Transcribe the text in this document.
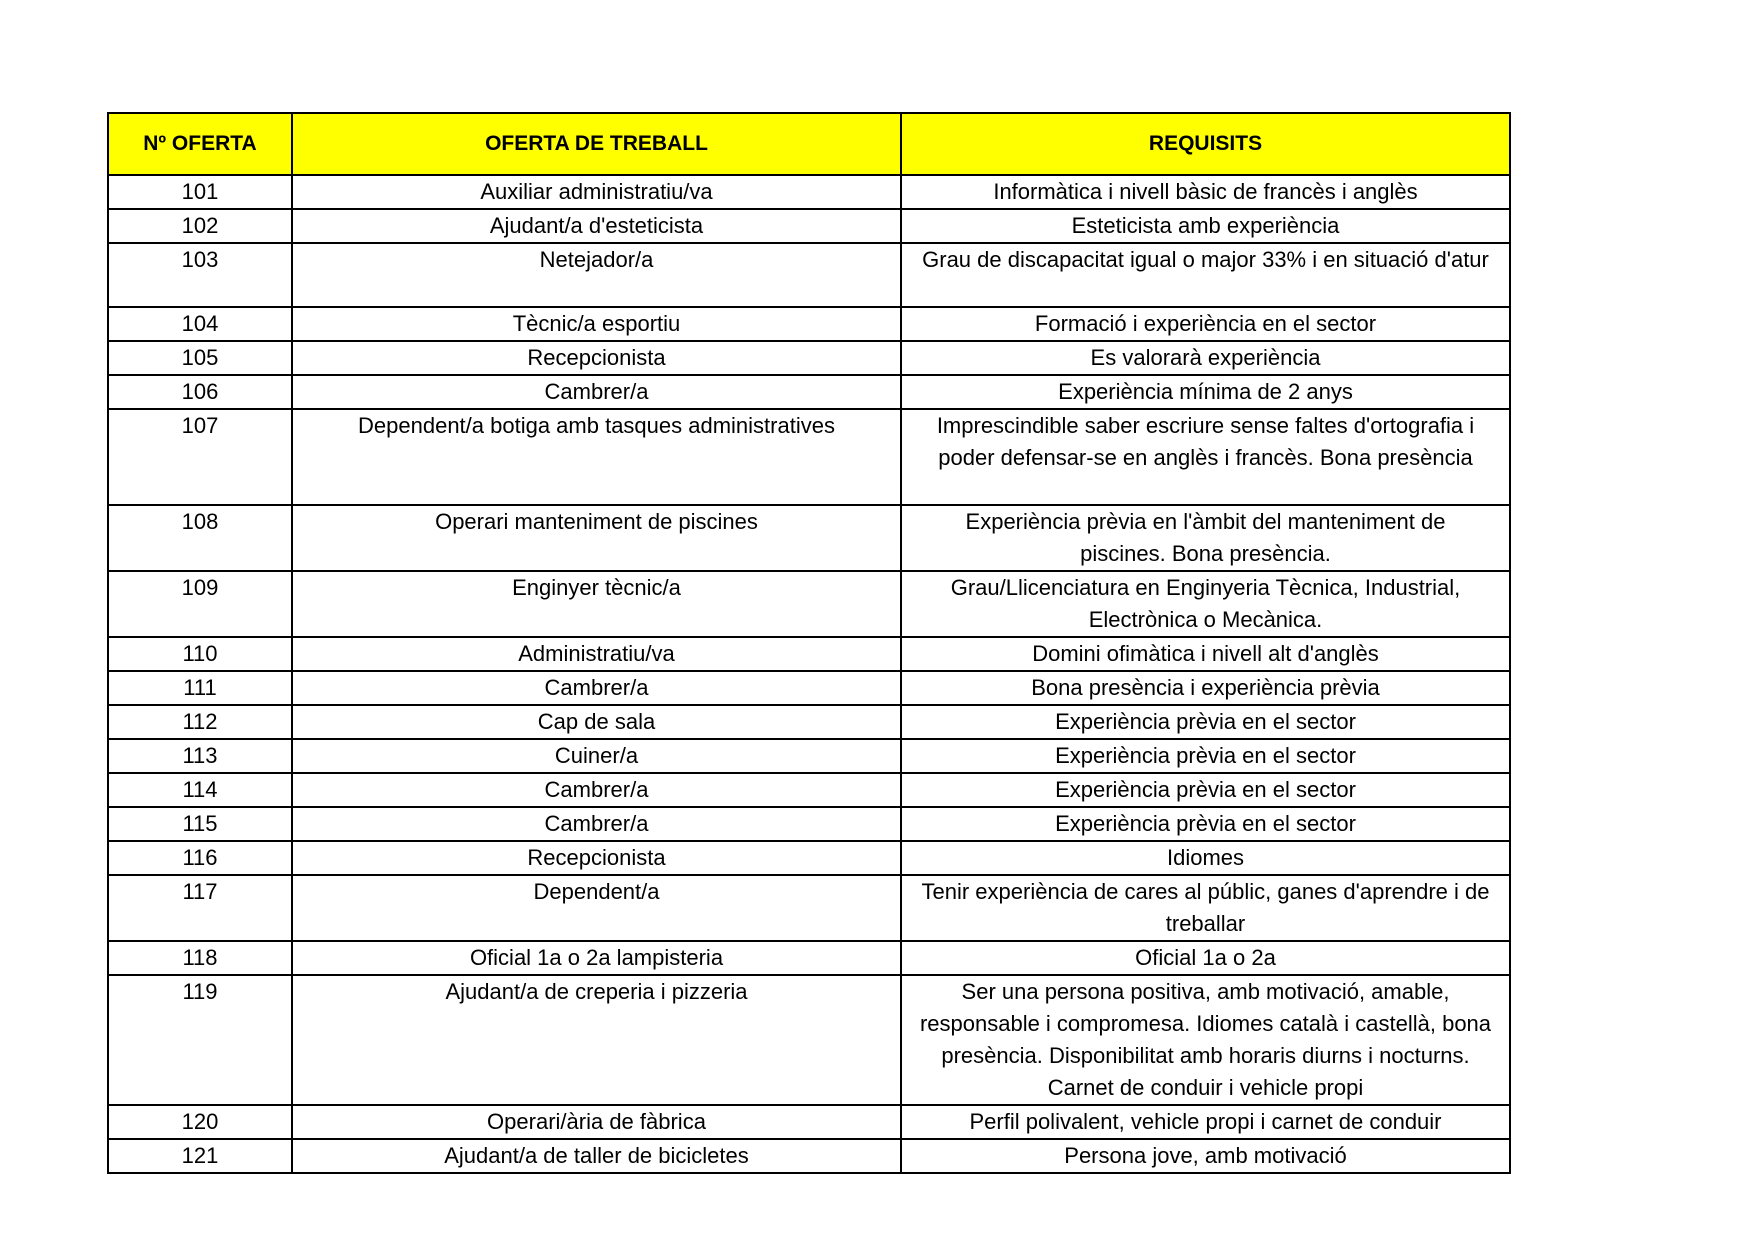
Nº OFERTA	OFERTA DE TREBALL	REQUISITS
101	Auxiliar administratiu/va	Informàtica i nivell bàsic de francès i anglès
102	Ajudant/a d'esteticista	Esteticista amb experiència
103	Netejador/a	Grau de discapacitat igual o major 33% i en situació d'atur
104	Tècnic/a esportiu	Formació i experiència en el sector
105	Recepcionista	Es valorarà experiència
106	Cambrer/a	Experiència mínima de 2 anys
107	Dependent/a botiga amb tasques administratives	Imprescindible saber escriure sense faltes d'ortografia i
poder defensar-se en anglès i francès. Bona presència
108	Operari manteniment de piscines	Experiència prèvia en l'àmbit del manteniment de
piscines. Bona presència.
109	Enginyer tècnic/a	Grau/Llicenciatura en Enginyeria Tècnica, Industrial,
Electrònica o Mecànica.
110	Administratiu/va	Domini ofimàtica i nivell alt d'anglès
111	Cambrer/a	Bona presència i experiència prèvia
112	Cap de sala	Experiència prèvia en el sector
113	Cuiner/a	Experiència prèvia en el sector
114	Cambrer/a	Experiència prèvia en el sector
115	Cambrer/a	Experiència prèvia en el sector
116	Recepcionista	Idiomes
117	Dependent/a	Tenir experiència de cares al públic, ganes d'aprendre i de
treballar
118	Oficial 1a o 2a lampisteria	Oficial 1a o 2a
119	Ajudant/a de creperia i pizzeria	Ser una persona positiva, amb motivació, amable,
responsable i compromesa. Idiomes català i castellà, bona
presència. Disponibilitat amb horaris diurns i nocturns.
Carnet de conduir i vehicle propi
120	Operari/ària de fàbrica	Perfil polivalent, vehicle propi i carnet de conduir
121	Ajudant/a de taller de bicicletes	Persona jove, amb motivació
